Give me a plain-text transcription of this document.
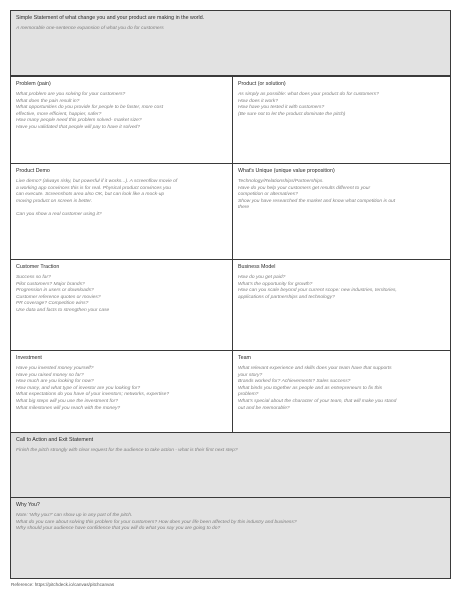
Simple Statement of what change you and your product are making in the world.
A memorable one-sentence expansion of what you do for customers
Problem (pain)
What problem are you solving for your customers?
What does the pain result in?
What opportunities do you provide for people to be faster, more cost
effective, more efficient, happier, safer?
How many people need this problem solved- market size?
Have you validated that people will pay to have it solved?
Product (or solution)
As simply as possible: what does your product do for customers?
How does it work?
How have you tested it with customers?
(Be sure not to let the product dominate the pitch)
Product Demo
Live demo? (always risky, but powerful if it works...). A screenflow movie of
a working app convinces this is for real. Physical product convinces you
can execute. Screenshots area also OK, but can look like a mock-up
moving product on screen is better.
Can you show a real customer using it?
What's Unique (unique value proposition)
Technology/Relationships/Partnerships.
Have do you help your customers get results different to your
competition or alternatives?
Show you have researched the market and know what competition is out
there
Customer Traction
Success so far?
Pilot customers? Major brands?
Progression in users or downloads?
Customer reference quotes or movies?
PR coverage? Competition wins?
Use data and facts to strengthen your case
Business Model
How do you get paid?
What's the opportunity for growth?
How can you scale beyond your current scope: new industries, territories,
applications of partnerships and technology?
Investment
Have you invested money yourself?
Have you raised money so far?
How much are you looking for now?
How many, and what type of investor are you looking for?
What expectations do you have of your investors; networks, expertise?
What big steps will you use the investment for?
What milestones will you reach with the money?
Team
What relevant experience and skills does your team have that supports
your story?
Brands worked for? Achievements? Sales success?
What binds you together as people and as entrepreneurs to fix this
problem?
What's special about the character of your team, that will make you stand
out and be memorable?
Call to Action and Exit Statement
Finish the pitch strongly with clear request for the audience to take action - what is their first next step?
Why You?
Note: 'Why you?' can show up in any part of the pitch.
What do you care about solving this problem for your customers? How does your life been affected by this industry and business?
Why should your audience have confidence that you will do what you say you are going to do?
Reference: https://pitchdeck.io/canvas/pitchcanvas
